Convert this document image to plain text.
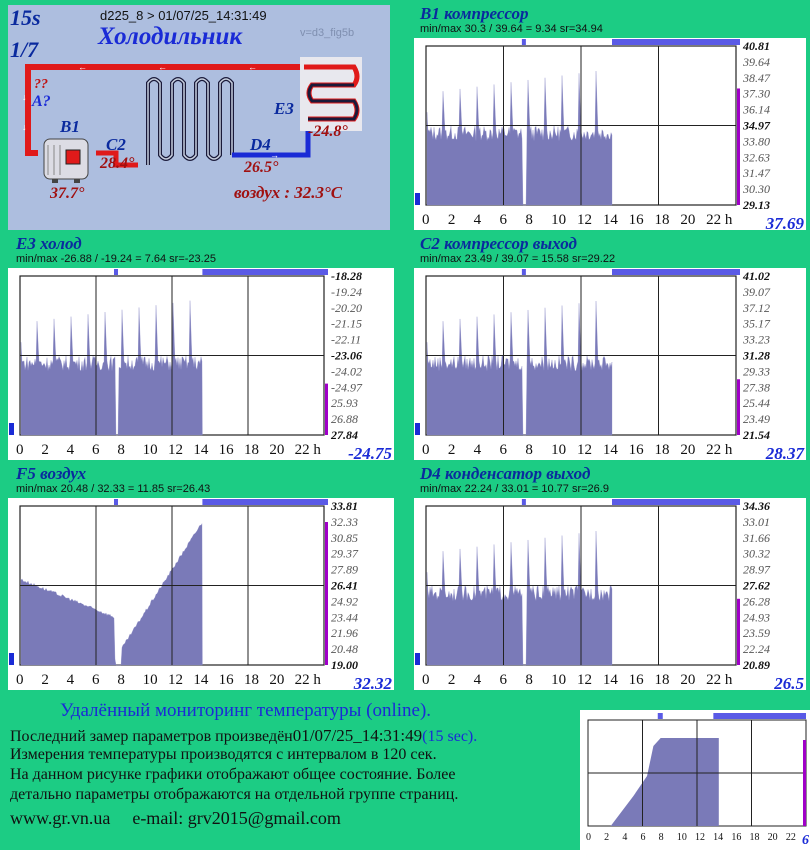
←	←	←
↓
↓
→
15s
1/7
d225_8 > 01/07/25_14:31:49
Холодильник	v=d3_fig5b
??
A?
B1
37.7°
C2
28.4°
D4
26.5°
E3
-24.8°
воздух : 32.3°C
B1 компрессор
min/max 30.3 / 39.64 = 9.34 sr=34.94
40.81
39.64
38.47
37.30
36.14
34.97
33.80
32.63
31.47
30.30
29.13
0 2 4 6 8 10 12 14 16 18 20 22 h 37.69
E3 холод
min/max -26.88 / -19.24 = 7.64 sr=-23.25
-18.28
-19.24
-20.20
-21.15
-22.11
-23.06
-24.02
-24.97
25.93
26.88
27.84
0 2 4 6 8 10 12 14 16 18 20 22 h -24.75
C2 компрессор выход
min/max 23.49 / 39.07 = 15.58 sr=29.22
41.02
39.07
37.12
35.17
33.23
31.28
29.33
27.38
25.44
23.49
21.54
0 2 4 6 8 10 12 14 16 18 20 22 h 28.37
F5 воздух
min/max 20.48 / 32.33 = 11.85 sr=26.43
33.81
32.33
30.85
29.37
27.89
26.41
24.92
23.44
21.96
20.48
19.00
0 2 4 6 8 10 12 14 16 18 20 22 h 32.32
D4 конденсатор выход
min/max 22.24 / 33.01 = 10.77 sr=26.9
34.36
33.01
31.66
30.32
28.97
27.62
26.28
24.93
23.59
22.24
20.89
0 2 4 6 8 10 12 14 16 18 20 22 h 26.5
Удалённый мониторинг температуры (online).
Последний замер параметров произведён01/07/25_14:31:49(15 sec).
Измерения температуры производятся с интервалом в 120 сек.
На данном рисунке графики отображают общее состояние. Более
детально параметры отображаются на отдельной группе страниц.
www.gr.vn.ua e-mail: grv2015@gmail.com
0 2 4 6 8 10 12 14 16 18 20 22 6
